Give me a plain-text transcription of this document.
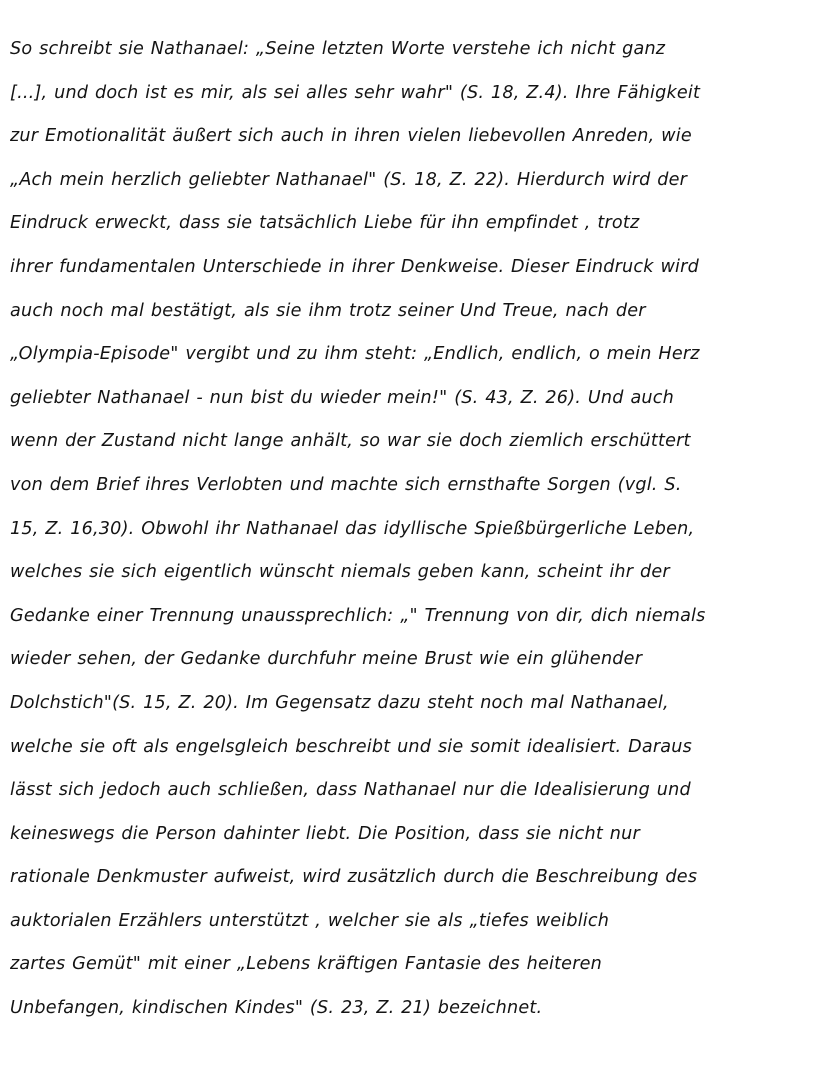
So schreibt sie Nathanael: „Seine letzten Worte verstehe ich nicht ganz
[...], und doch ist es mir, als sei alles sehr wahr" (S. 18, Z.4). Ihre Fähigkeit
zur Emotionalität äußert sich auch in ihren vielen liebevollen Anreden, wie
„Ach mein herzlich geliebter Nathanael" (S. 18, Z. 22). Hierdurch wird der
Eindruck erweckt, dass sie tatsächlich Liebe für ihn empfindet , trotz
ihrer fundamentalen Unterschiede in ihrer Denkweise. Dieser Eindruck wird
auch noch mal bestätigt, als sie ihm trotz seiner Und Treue, nach der
„Olympia-Episode" vergibt und zu ihm steht: „Endlich, endlich, o mein Herz
geliebter Nathanael - nun bist du wieder mein!" (S. 43, Z. 26). Und auch
wenn der Zustand nicht lange anhält, so war sie doch ziemlich erschüttert
von dem Brief ihres Verlobten und machte sich ernsthafte Sorgen (vgl. S.
15, Z. 16,30). Obwohl ihr Nathanael das idyllische Spießbürgerliche Leben,
welches sie sich eigentlich wünscht niemals geben kann, scheint ihr der
Gedanke einer Trennung unaussprechlich: „" Trennung von dir, dich niemals
wieder sehen, der Gedanke durchfuhr meine Brust wie ein glühender
Dolchstich"(S. 15, Z. 20). Im Gegensatz dazu steht noch mal Nathanael,
welche sie oft als engelsgleich beschreibt und sie somit idealisiert. Daraus
lässt sich jedoch auch schließen, dass Nathanael nur die Idealisierung und
keineswegs die Person dahinter liebt. Die Position, dass sie nicht nur
rationale Denkmuster aufweist, wird zusätzlich durch die Beschreibung des
auktorialen Erzählers unterstützt , welcher sie als „tiefes weiblich
zartes Gemüt" mit einer „Lebens kräftigen Fantasie des heiteren
Unbefangen, kindischen Kindes" (S. 23, Z. 21) bezeichnet.
